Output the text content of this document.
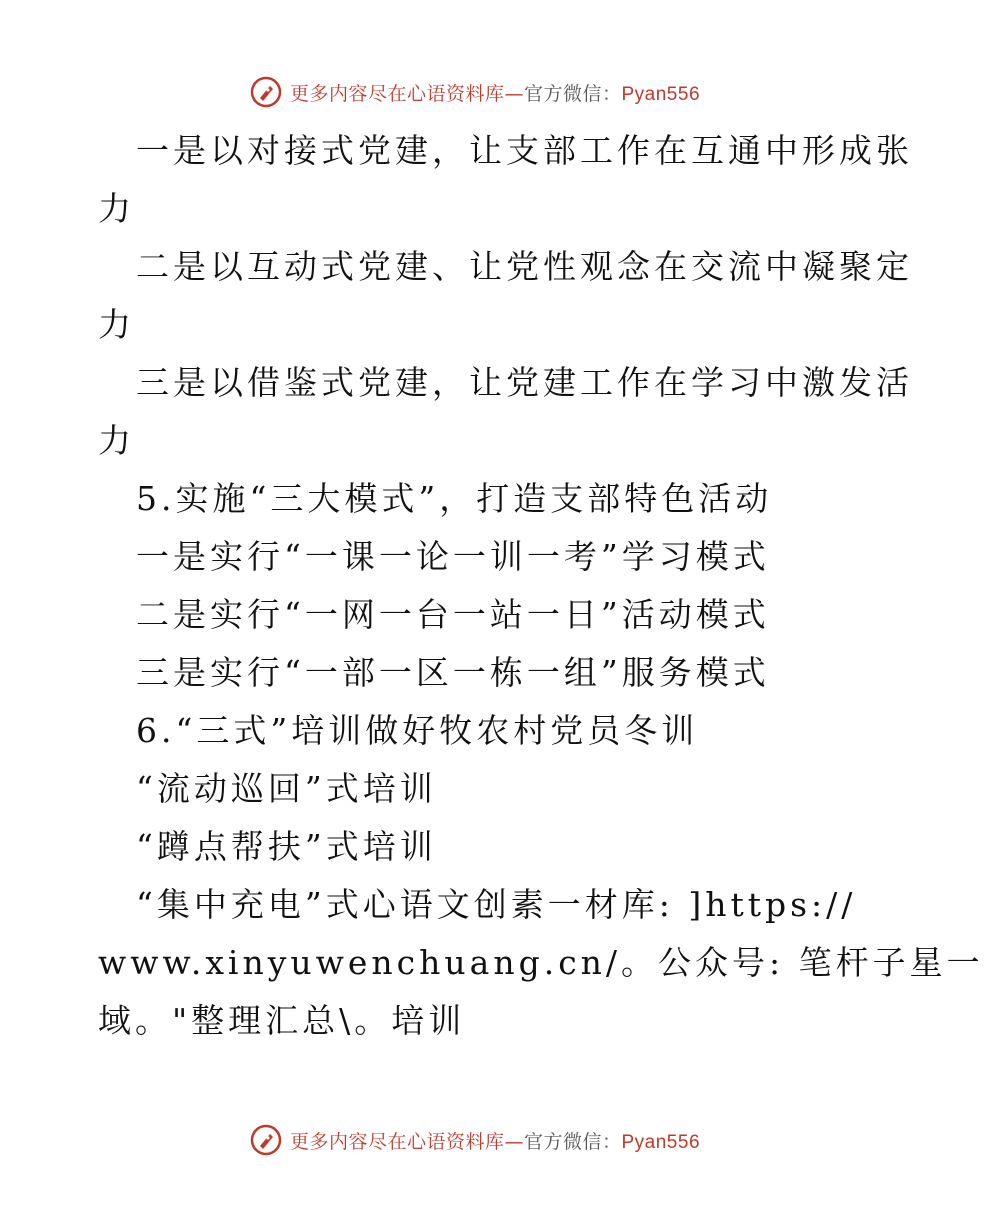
更多内容尽在心语资料库—官方微信：Pyan556
一是以对接式党建，让支部工作在互通中形成张
力
二是以互动式党建、让党性观念在交流中凝聚定
力
三是以借鉴式党建，让党建工作在学习中激发活
力
5.实施“三大模式”，打造支部特色活动
一是实行“一课一论一训一考”学习模式
二是实行“一网一台一站一日”活动模式
三是实行“一部一区一栋一组”服务模式
6.“三式”培训做好牧农村党员冬训
“流动巡回”式培训
“蹲点帮扶”式培训
“集中充电”式心语文创素一材库: ]https://
www.xinyuwenchuang.cn/。公众号: 笔杆子星一
域。"整理汇总\。培训
更多内容尽在心语资料库—官方微信：Pyan556
